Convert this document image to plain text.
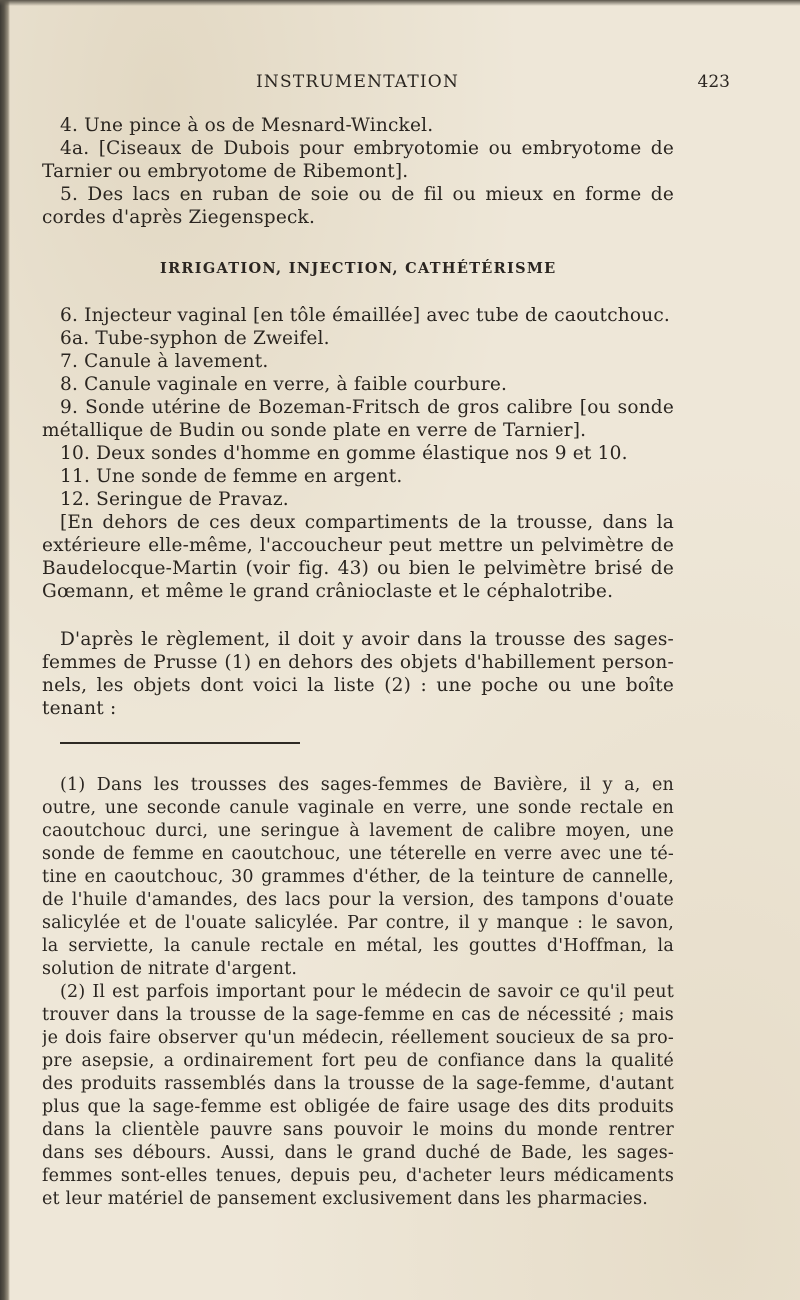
INSTRUMENTATION	423
4. Une pince à os de Mesnard-Winckel.
4a. [Ciseaux de Dubois pour embryotomie ou embryotome de
Tarnier ou embryotome de Ribemont].
5. Des lacs en ruban de soie ou de fil ou mieux en forme de
cordes d'après Ziegenspeck.
IRRIGATION, INJECTION, CATHÉTÉRISME
6. Injecteur vaginal [en tôle émaillée] avec tube de caoutchouc.
6a. Tube-syphon de Zweifel.
7. Canule à lavement.
8. Canule vaginale en verre, à faible courbure.
9. Sonde utérine de Bozeman-Fritsch de gros calibre [ou sonde
métallique de Budin ou sonde plate en verre de Tarnier].
10. Deux sondes d'homme en gomme élastique nos 9 et 10.
11. Une sonde de femme en argent.
12. Seringue de Pravaz.
[En dehors de ces deux compartiments de la trousse, dans la
extérieure elle-même, l'accoucheur peut mettre un pelvimètre de
Baudelocque-Martin (voir fig. 43) ou bien le pelvimètre brisé de
Gœmann, et même le grand crânioclaste et le céphalotribe.
D'après le règlement, il doit y avoir dans la trousse des sages-
femmes de Prusse (1) en dehors des objets d'habillement person-
nels, les objets dont voici la liste (2) : une poche ou une boîte
tenant :
(1) Dans les trousses des sages-femmes de Bavière, il y a, en
outre, une seconde canule vaginale en verre, une sonde rectale en
caoutchouc durci, une seringue à lavement de calibre moyen, une
sonde de femme en caoutchouc, une téterelle en verre avec une té-
tine en caoutchouc, 30 grammes d'éther, de la teinture de cannelle,
de l'huile d'amandes, des lacs pour la version, des tampons d'ouate
salicylée et de l'ouate salicylée. Par contre, il y manque : le savon,
la serviette, la canule rectale en métal, les gouttes d'Hoffman, la
solution de nitrate d'argent.
(2) Il est parfois important pour le médecin de savoir ce qu'il peut
trouver dans la trousse de la sage-femme en cas de nécessité ; mais
je dois faire observer qu'un médecin, réellement soucieux de sa pro-
pre asepsie, a ordinairement fort peu de confiance dans la qualité
des produits rassemblés dans la trousse de la sage-femme, d'autant
plus que la sage-femme est obligée de faire usage des dits produits
dans la clientèle pauvre sans pouvoir le moins du monde rentrer
dans ses débours. Aussi, dans le grand duché de Bade, les sages-
femmes sont-elles tenues, depuis peu, d'acheter leurs médicaments
et leur matériel de pansement exclusivement dans les pharmacies.
